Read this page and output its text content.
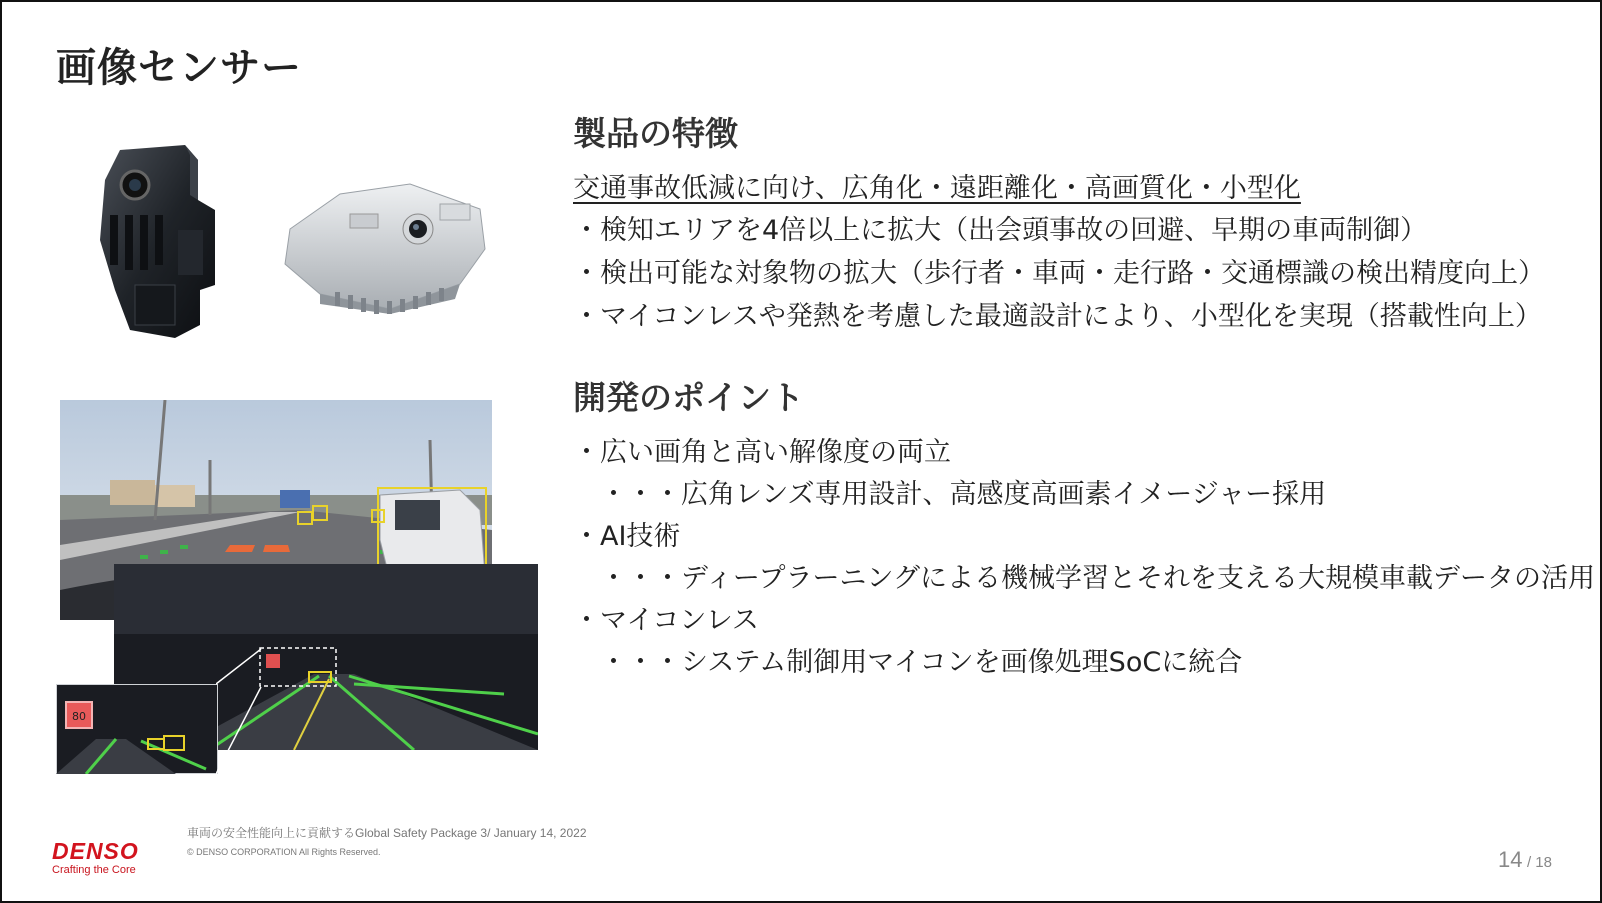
画像センサー
80
製品の特徴
交通事故低減に向け、広角化・遠距離化・高画質化・小型化
・検知エリアを4倍以上に拡大（出会頭事故の回避、早期の車両制御）
・検出可能な対象物の拡大（歩行者・車両・走行路・交通標識の検出精度向上）
・マイコンレスや発熱を考慮した最適設計により、小型化を実現（搭載性向上）
開発のポイント
・広い画角と高い解像度の両立
・・・広角レンズ専用設計、高感度高画素イメージャー採用
・AI技術
・・・ディープラーニングによる機械学習とそれを支える大規模車載データの活用
・マイコンレス
・・・システム制御用マイコンを画像処理SoCに統合
DENSO
Crafting the Core
車両の安全性能向上に貢献するGlobal Safety Package 3/ January 14, 2022
© DENSO CORPORATION All Rights Reserved.	14 / 18
